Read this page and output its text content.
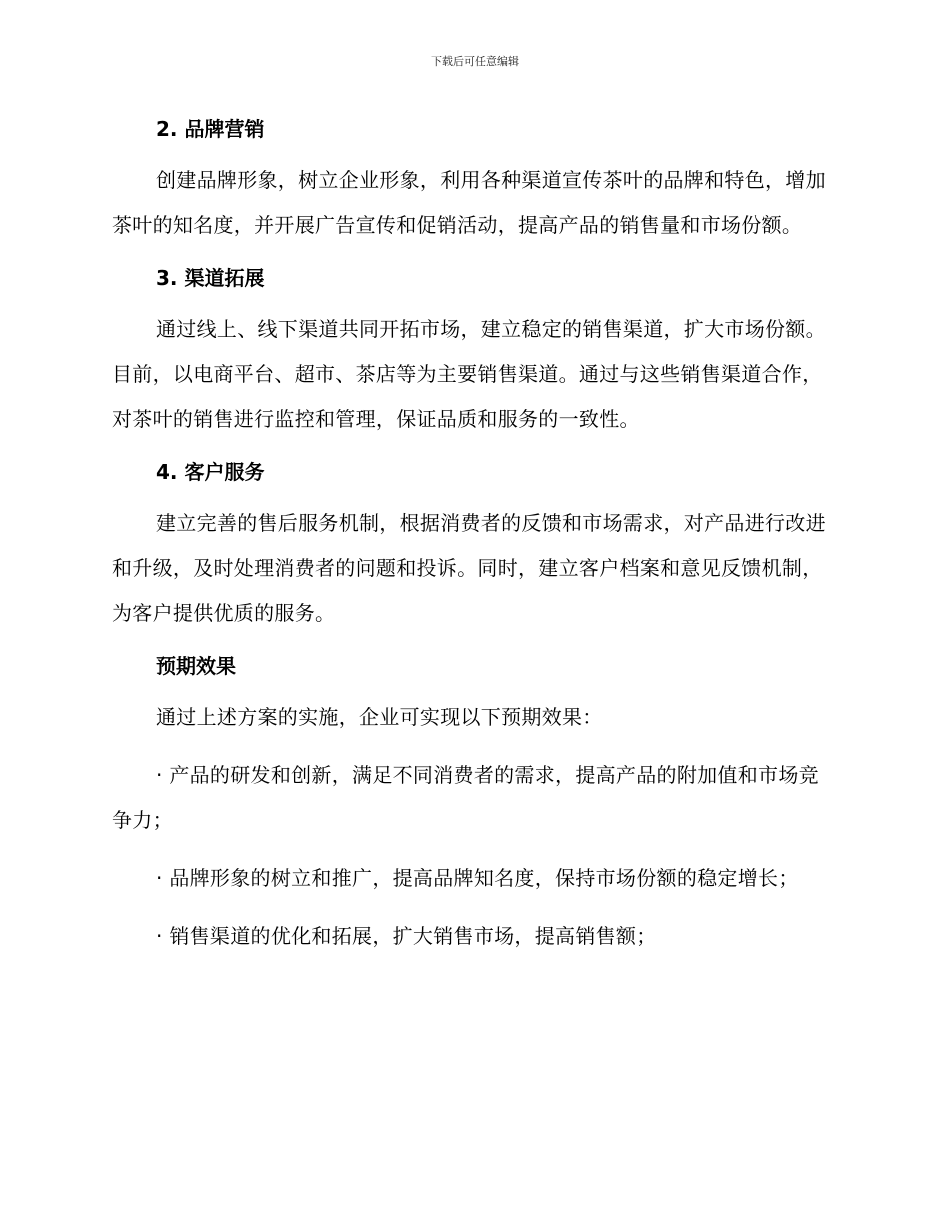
下载后可任意编辑
2. 品牌营销

创建品牌形象，树立企业形象，利用各种渠道宣传茶叶的品牌和特色，增加茶叶的知名度，并开展广告宣传和促销活动，提高产品的销售量和市场份额。

3. 渠道拓展

通过线上、线下渠道共同开拓市场，建立稳定的销售渠道，扩大市场份额。目前，以电商平台、超市、茶店等为主要销售渠道。通过与这些销售渠道合作，对茶叶的销售进行监控和管理，保证品质和服务的一致性。

4. 客户服务

建立完善的售后服务机制，根据消费者的反馈和市场需求，对产品进行改进和升级，及时处理消费者的问题和投诉。同时，建立客户档案和意见反馈机制，为客户提供优质的服务。

预期效果

通过上述方案的实施，企业可实现以下预期效果：

· 产品的研发和创新，满足不同消费者的需求，提高产品的附加值和市场竞争力；

· 品牌形象的树立和推广，提高品牌知名度，保持市场份额的稳定增长；

· 销售渠道的优化和拓展，扩大销售市场，提高销售额；
